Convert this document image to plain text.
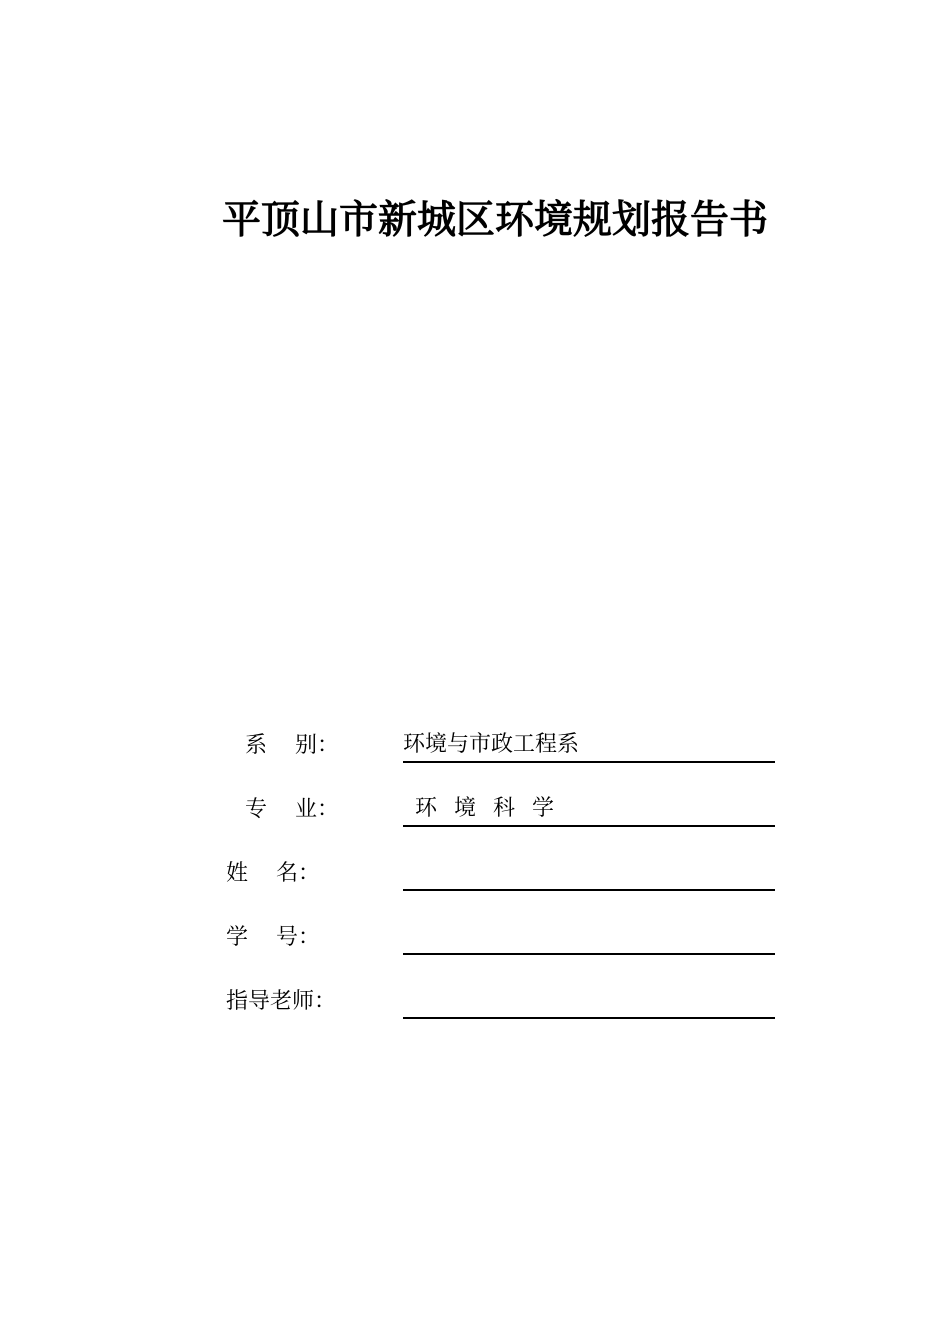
平顶山市新城区环境规划报告书
系    别：	环境与市政工程系
专    业：	环 境 科 学
姓    名：
学    号：
指导老师：
